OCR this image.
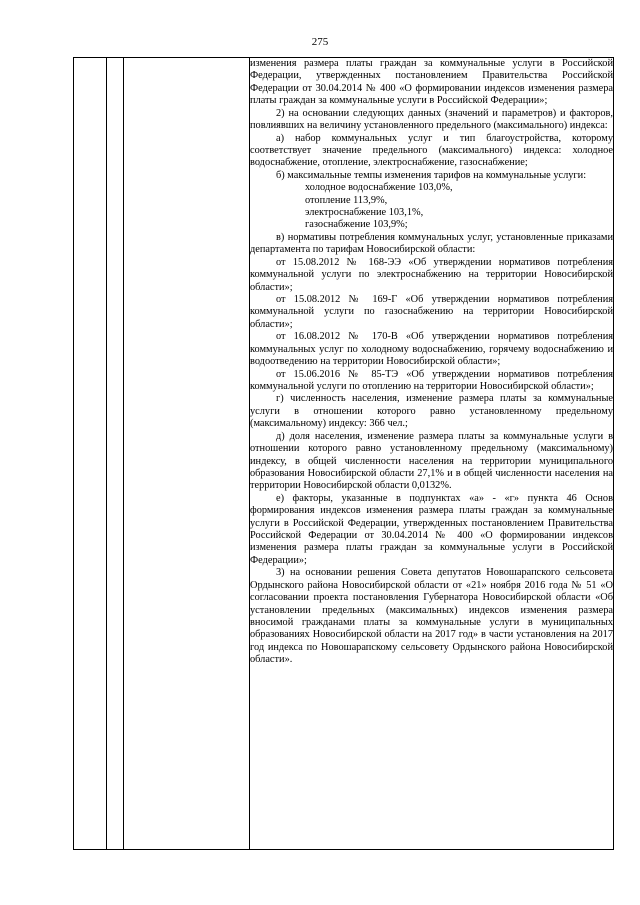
275

изменения размера платы граждан за коммунальные услуги в Российской Федерации, утвержденных постановлением Правительства Российской Федерации от 30.04.2014 № 400 «О формировании индексов изменения размера платы граждан за коммунальные услуги в Российской Федерации»;

2) на основании следующих данных (значений и параметров) и факторов, повлиявших на величину установленного предельного (максимального) индекса:

а) набор коммунальных услуг и тип благоустройства, которому соответствует значение предельного (максимального) индекса: холодное водоснабжение, отопление, электроснабжение, газоснабжение;

б) максимальные темпы изменения тарифов на коммунальные услуги:

холодное водоснабжение 103,0%,

отопление 113,9%,

электроснабжение 103,1%,

газоснабжение 103,9%;

в) нормативы потребления коммунальных услуг, установленные приказами департамента по тарифам Новосибирской области:

от 15.08.2012 № 168-ЭЭ «Об утверждении нормативов потребления коммунальной услуги по электроснабжению на территории Новосибирской области»;

от 15.08.2012 № 169-Г «Об утверждении нормативов потребления коммунальной услуги по газоснабжению на территории Новосибирской области»;

от 16.08.2012 № 170-В «Об утверждении нормативов потребления коммунальных услуг по холодному водоснабжению, горячему водоснабжению и водоотведению на территории Новосибирской области»;

от 15.06.2016 № 85-ТЭ «Об утверждении нормативов потребления коммунальной услуги по отоплению на территории Новосибирской области»;

г) численность населения, изменение размера платы за коммунальные услуги в отношении которого равно установленному предельному (максимальному) индексу: 366 чел.;

д) доля населения, изменение размера платы за коммунальные услуги в отношении которого равно установленному предельному (максимальному) индексу, в общей численности населения на территории муниципального образования Новосибирской области 27,1% и в общей численности населения на территории Новосибирской области 0,0132%.

е) факторы, указанные в подпунктах «а» - «г» пункта 46 Основ формирования индексов изменения размера платы граждан за коммунальные услуги в Российской Федерации, утвержденных постановлением Правительства Российской Федерации от 30.04.2014 № 400 «О формировании индексов изменения размера платы граждан за коммунальные услуги в Российской Федерации»;

3) на основании решения Совета депутатов Новошарапского сельсовета Ордынского района Новосибирской области от «21» ноября 2016 года № 51 «О согласовании проекта постановления Губернатора Новосибирской области «Об установлении предельных (максимальных) индексов изменения размера вносимой гражданами платы за коммунальные услуги в муниципальных образованиях Новосибирской области на 2017 год» в части установления на 2017 год индекса по Новошарапскому сельсовету Ордынского района Новосибирской области».
